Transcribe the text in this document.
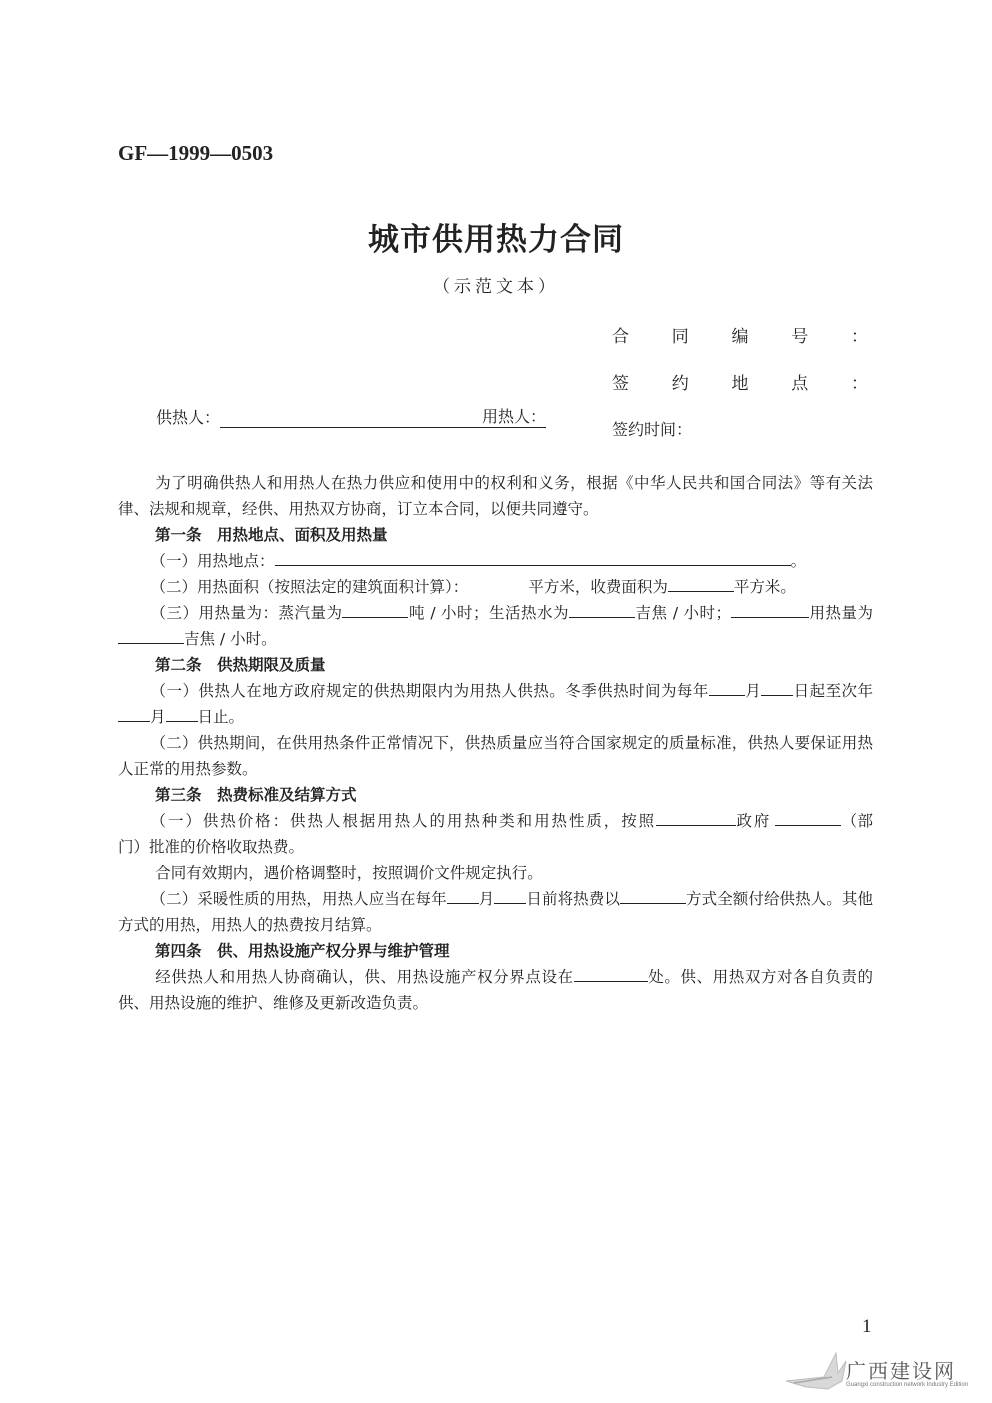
GF—1999—0503
城市供用热力合同
（示范文本）
合	同	编	号	：
签	约	地	点	：
签约时间：
供热人：	用热人：

为了明确供热人和用热人在热力供应和使用中的权利和义务，根据《中华人民共和国合同法》等有关法律、法规和规章，经供、用热双方协商，订立本合同，以便共同遵守。

第一条　用热地点、面积及用热量

（一）用热地点：	。

（二）用热面积（按照法定的建筑面积计算）：	平方米，收费面积为	平方米。

（三）用热量为：蒸汽量为	吨 / 小时；生活热水为	吉焦 / 小时；	用热量为吉焦 / 小时。

第二条　供热期限及质量

（一）供热人在地方政府规定的供热期限内为用热人供热。冬季供热时间为每年 月 日起至次年月 日止。

（二）供热期间，在供用热条件正常情况下，供热质量应当符合国家规定的质量标准，供热人要保证用热人正常的用热参数。

第三条　热费标准及结算方式

（一）供热价格：供热人根据用热人的用热种类和用热性质，按照	政府	（部门）批准的价格收取热费。

合同有效期内，遇价格调整时，按照调价文件规定执行。

（二）采暖性质的用热，用热人应当在每年 月 日前将热费以	方式全额付给供热人。其他方式的用热，用热人的热费按月结算。

第四条　供、用热设施产权分界与维护管理

经供热人和用热人协商确认，供、用热设施产权分界点设在	处。供、用热双方对各自负责的供、用热设施的维护、维修及更新改造负责。

1
广西建设网
Guangxi construction network Industry Edition
